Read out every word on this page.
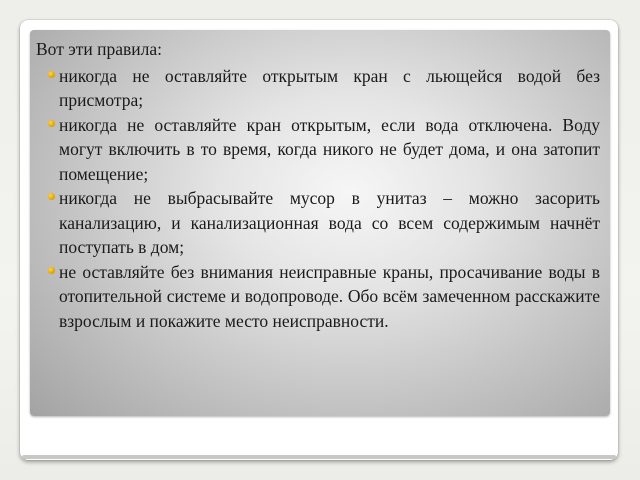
Вот эти правила:
никогда не оставляйте открытым кран с льющейся водой без присмотра;
никогда не оставляйте кран открытым, если вода отключена. Воду могут включить в то время, когда никого не будет дома, и она затопит помещение;
никогда не выбрасывайте мусор в унитаз – можно засорить канализацию, и канализационная вода со всем содержимым начнёт поступать в дом;
не оставляйте без внимания неисправные краны, просачивание воды в отопительной системе и водопроводе. Обо всём замеченном расскажите взрослым и покажите место неисправности.
